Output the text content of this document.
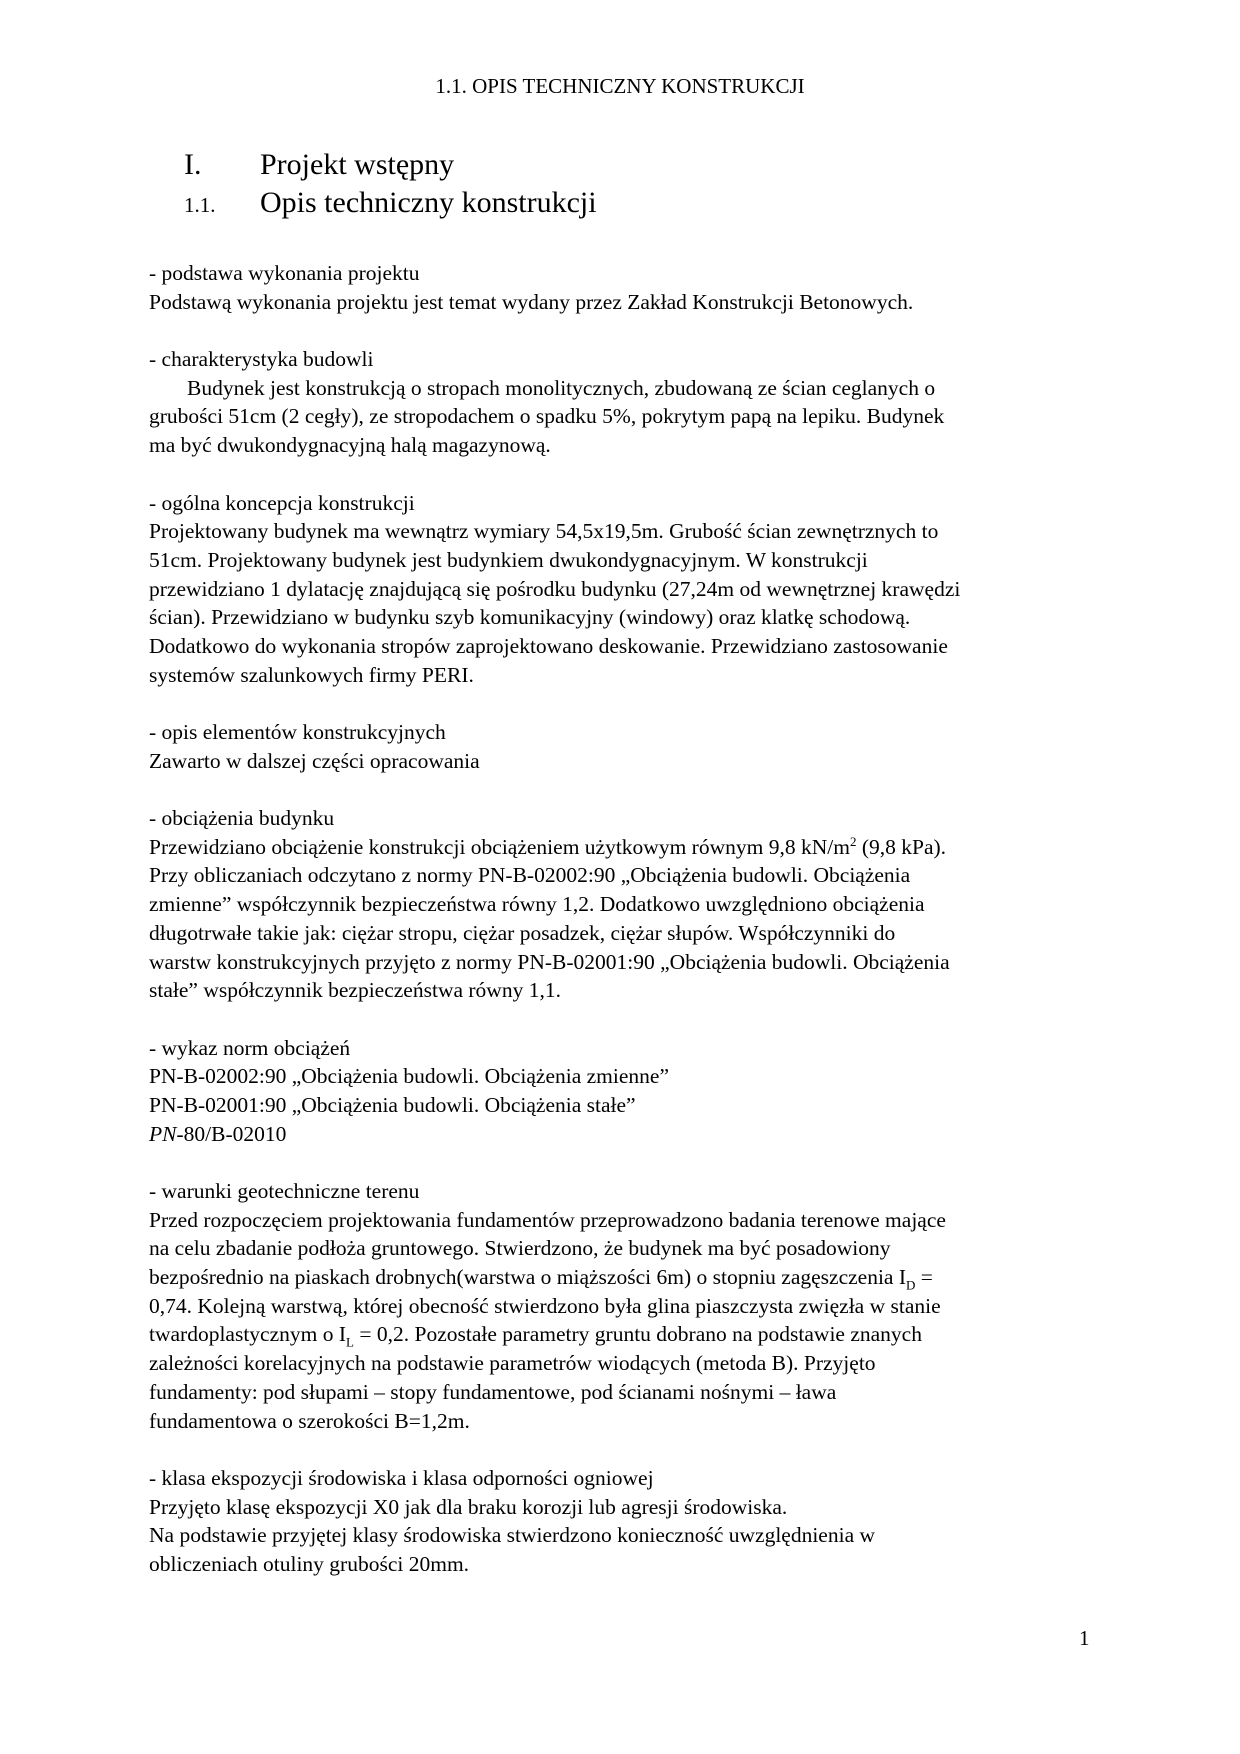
1.1. OPIS TECHNICZNY KONSTRUKCJI
I. Projekt wstępny
1.1. Opis techniczny konstrukcji
- podstawa wykonania projektu
Podstawą wykonania projektu jest temat wydany przez Zakład Konstrukcji Betonowych.
- charakterystyka budowli
Budynek jest konstrukcją o stropach monolitycznych, zbudowaną ze ścian ceglanych o
grubości 51cm (2 cegły), ze stropodachem o spadku 5%, pokrytym papą na lepiku. Budynek
ma być dwukondygnacyjną halą magazynową.
- ogólna koncepcja konstrukcji
Projektowany budynek ma wewnątrz wymiary 54,5x19,5m. Grubość ścian zewnętrznych to
51cm. Projektowany budynek jest budynkiem dwukondygnacyjnym. W konstrukcji
przewidziano 1 dylatację znajdującą się pośrodku budynku (27,24m od wewnętrznej krawędzi
ścian). Przewidziano w budynku szyb komunikacyjny (windowy) oraz klatkę schodową.
Dodatkowo do wykonania stropów zaprojektowano deskowanie. Przewidziano zastosowanie
systemów szalunkowych firmy PERI.
- opis elementów konstrukcyjnych
Zawarto w dalszej części opracowania
- obciążenia budynku
Przewidziano obciążenie konstrukcji obciążeniem użytkowym równym 9,8 $kN/m^2$ (9,8 kPa).
Przy obliczaniach odczytano z normy PN-B-02002:90 „Obciążenia budowli. Obciążenia
zmienne” współczynnik bezpieczeństwa równy 1,2. Dodatkowo uwzględniono obciążenia
długotrwałe takie jak: ciężar stropu, ciężar posadzek, ciężar słupów. Współczynniki do
warstw konstrukcyjnych przyjęto z normy PN-B-02001:90 „Obciążenia budowli. Obciążenia
stałe” współczynnik bezpieczeństwa równy 1,1.
- wykaz norm obciążeń
PN-B-02002:90 „Obciążenia budowli. Obciążenia zmienne”
PN-B-02001:90 „Obciążenia budowli. Obciążenia stałe”
PN-80/B-02010
- warunki geotechniczne terenu
Przed rozpoczęciem projektowania fundamentów przeprowadzono badania terenowe mające
na celu zbadanie podłoża gruntowego. Stwierdzono, że budynek ma być posadowiony
bezpośrednio na piaskach drobnych(warstwa o miąższości 6m) o stopniu zagęszczenia $I_D$ =
0,74. Kolejną warstwą, której obecność stwierdzono była glina piaszczysta zwięzła w stanie
twardoplastycznym o $I_L = 0,2$. Pozostałe parametry gruntu dobrano na podstawie znanych
zależności korelacyjnych na podstawie parametrów wiodących (metoda B). Przyjęto
fundamenty: pod słupami – stopy fundamentowe, pod ścianami nośnymi – ława
fundamentowa o szerokości B=1,2m.
- klasa ekspozycji środowiska i klasa odporności ogniowej
Przyjęto klasę ekspozycji X0 jak dla braku korozji lub agresji środowiska.
Na podstawie przyjętej klasy środowiska stwierdzono konieczność uwzględnienia w
obliczeniach otuliny grubości 20mm.
1
